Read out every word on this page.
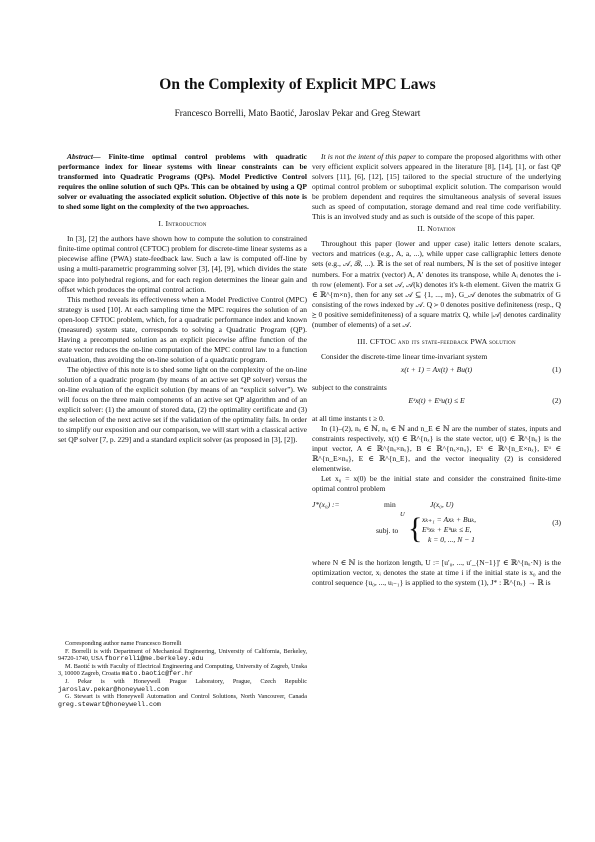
On the Complexity of Explicit MPC Laws
Francesco Borrelli, Mato Baotić, Jaroslav Pekar and Greg Stewart

Abstract— Finite-time optimal control problems with quadratic performance index for linear systems with linear constraints can be transformed into Quadratic Programs (QPs). Model Predictive Control requires the online solution of such QPs. This can be obtained by using a QP solver or evaluating the associated explicit solution. Objective of this note is to shed some light on the complexity of the two approaches.

I. Introduction

In [3], [2] the authors have shown how to compute the solution to constrained finite-time optimal control (CFTOC) problem for discrete-time linear systems as a piecewise affine (PWA) state-feedback law. Such a law is computed off-line by using a multi-parametric programming solver [3], [4], [9], which divides the state space into polyhedral regions, and for each region determines the linear gain and offset which produces the optimal control action.

This method reveals its effectiveness when a Model Predictive Control (MPC) strategy is used [10]. At each sampling time the MPC requires the solution of an open-loop CFTOC problem, which, for a quadratic performance index and known (measured) system state, corresponds to solving a Quadratic Program (QP). Having a precomputed solution as an explicit piecewise affine function of the state vector reduces the on-line computation of the MPC control law to a function evaluation, thus avoiding the on-line solution of a quadratic program.

The objective of this note is to shed some light on the complexity of the on-line solution of a quadratic program (by means of an active set QP solver) versus the on-line evaluation of the explicit solution (by means of an “explicit solver”). We will focus on the three main components of an active set QP algorithm and of an explicit solver: (1) the amount of stored data, (2) the optimality certificate and (3) the selection of the next active set if the validation of the optimality fails. In order to simplify our exposition and our comparison, we will start with a classical active set QP solver [7, p. 229] and a standard explicit solver (as proposed in [3], [2]).

Corresponding author name Francesco Borrelli

F. Borrelli is with Department of Mechanical Engineering, University of California, Berkeley, 94720-1740, USA fborrelli@me.berkeley.edu

M. Baotić is with Faculty of Electrical Engineering and Computing, University of Zagreb, Unska 3, 10000 Zagreb, Croatia mato.baotic@fer.hr

J. Pekar is with Honeywell Prague Laboratory, Prague, Czech Republic jaroslav.pekar@honeywell.com

G. Stewart is with Honeywell Automation and Control Solutions, North Vancouver, Canada greg.stewart@honeywell.com

It is not the intent of this paper to compare the proposed algorithms with other very efficient explicit solvers appeared in the literature [8], [14], [1], or fast QP solvers [11], [6], [12], [15] tailored to the special structure of the underlying optimal control problem or suboptimal explicit solution. The comparison would be problem dependent and requires the simultaneous analysis of several issues such as speed of computation, storage demand and real time code verifiability. This is an involved study and as such is outside of the scope of this paper.

II. Notation

Throughout this paper (lower and upper case) italic letters denote scalars, vectors and matrices (e.g., A, a, ...), while upper case calligraphic letters denote sets (e.g., 𝒜, ℬ, ...). ℝ is the set of real numbers, ℕ is the set of positive integer numbers. For a matrix (vector) A, A′ denotes its transpose, while Aᵢ denotes the i-th row (element). For a set 𝒜, 𝒜(k) denotes it's k-th element. Given the matrix G ∈ ℝ^{m×n}, then for any set 𝒜 ⊆ {1, ..., m}, G_𝒜 denotes the submatrix of G consisting of the rows indexed by 𝒜. Q ≻ 0 denotes positive definiteness (resp., Q ⪰ 0 positive semidefiniteness) of a square matrix Q, while |𝒜| denotes cardinality (number of elements) of a set 𝒜.

III. CFTOC and its state-feedback PWA solution

Consider the discrete-time linear time-invariant system

x(t + 1) = Ax(t) + Bu(t)	(1)

subject to the constraints

Eˣx(t) + Eᵘu(t) ≤ E	(2)

at all time instants t ≥ 0.

In (1)–(2), nₓ ∈ ℕ, nᵤ ∈ ℕ and n_E ∈ ℕ are the number of states, inputs and constraints respectively, x(t) ∈ ℝ^{nₓ} is the state vector, u(t) ∈ ℝ^{nᵤ} is the input vector, A ∈ ℝ^{nₓ×nₓ}, B ∈ ℝ^{nₓ×nᵤ}, Eˣ ∈ ℝ^{n_E×nₓ}, Eᵘ ∈ ℝ^{n_E×nᵤ}, E ∈ ℝ^{n_E}, and the vector inequality (2) is considered elementwise.

Let x₀ = x(0) be the initial state and consider the constrained finite-time optimal control problem

J*(x₀) :=	min
U
J(x₀, U)
subj. to { xₖ₊₁ = Axₖ + Buₖ,
Eˣxₖ + Eᵘuₖ ≤ E,
k = 0, ..., N − 1
(3)

where N ∈ ℕ is the horizon length, U := [u′₀, ..., u′_{N−1}]′ ∈ ℝ^{nᵤ·N} is the optimization vector, xᵢ denotes the state at time i if the initial state is x₀ and the control sequence {u₀, ..., uᵢ₋₁} is applied to the system (1), J* : ℝ^{nₓ} → ℝ is
